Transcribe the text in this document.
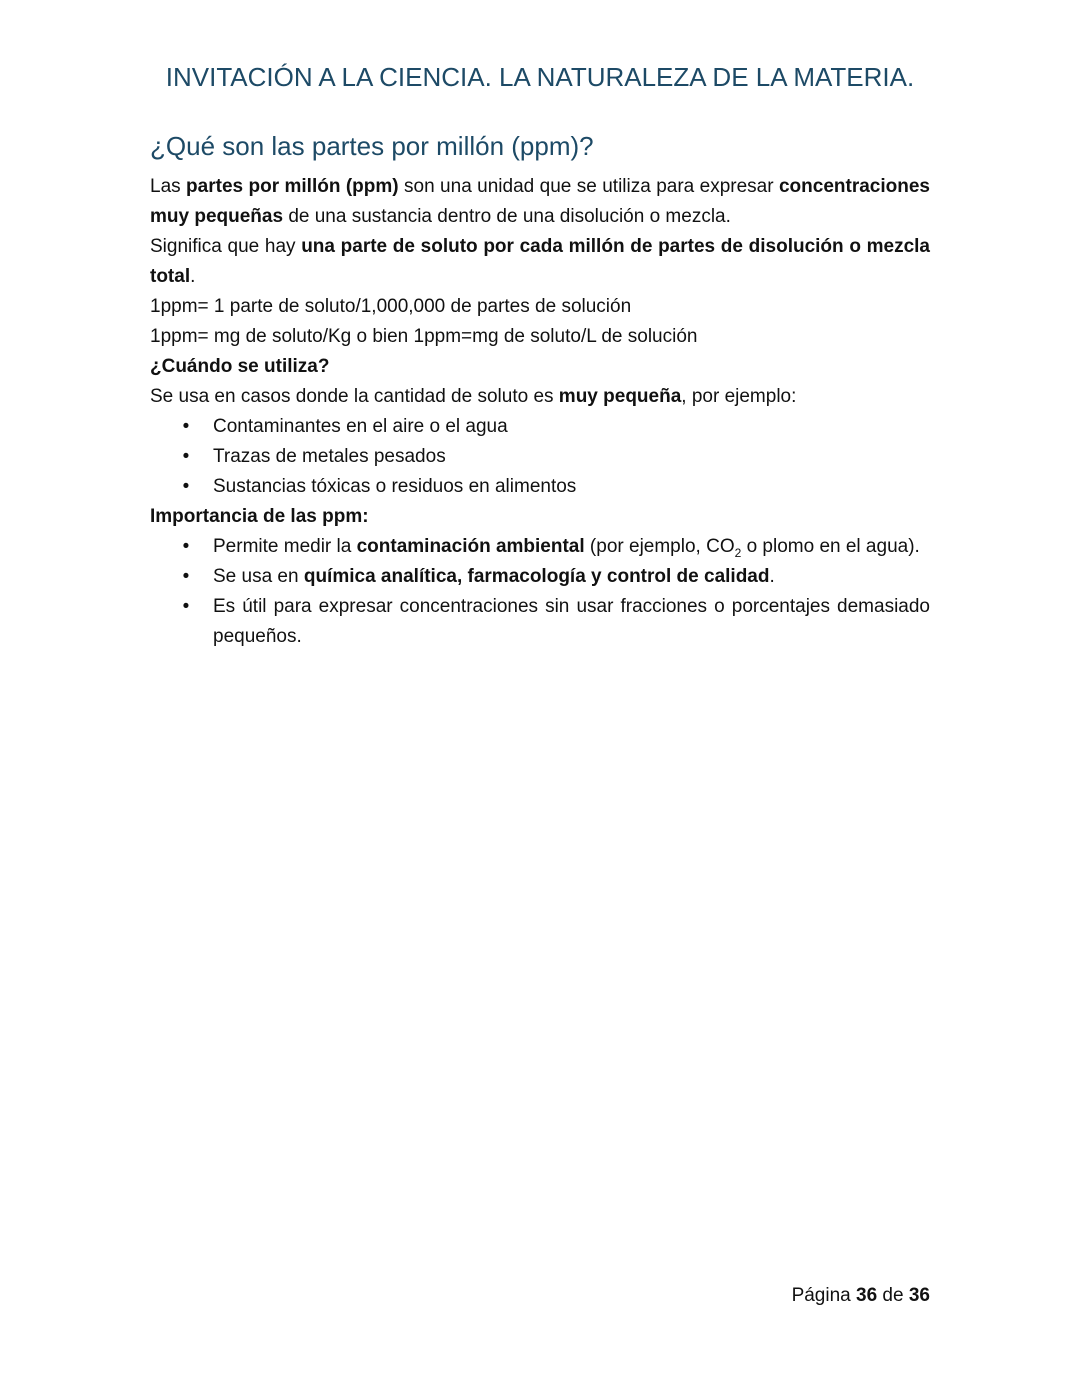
INVITACIÓN A LA CIENCIA. LA NATURALEZA DE LA MATERIA.
¿Qué son las partes por millón (ppm)?

Las partes por millón (ppm) son una unidad que se utiliza para expresar concentraciones muy pequeñas de una sustancia dentro de una disolución o mezcla.

Significa que hay una parte de soluto por cada millón de partes de disolución o mezcla total.

1ppm= 1 parte de soluto/1,000,000 de partes de solución

1ppm= mg de soluto/Kg o bien 1ppm=mg de soluto/L de solución

¿Cuándo se utiliza?

Se usa en casos donde la cantidad de soluto es muy pequeña, por ejemplo:

• Contaminantes en el aire o el agua
• Trazas de metales pesados
• Sustancias tóxicas o residuos en alimentos

Importancia de las ppm:

• Permite medir la contaminación ambiental (por ejemplo, $CO_2$ o plomo en el agua).
• Se usa en química analítica, farmacología y control de calidad.
• Es útil para expresar concentraciones sin usar fracciones o porcentajes demasiado pequeños.
Página 36 de 36
